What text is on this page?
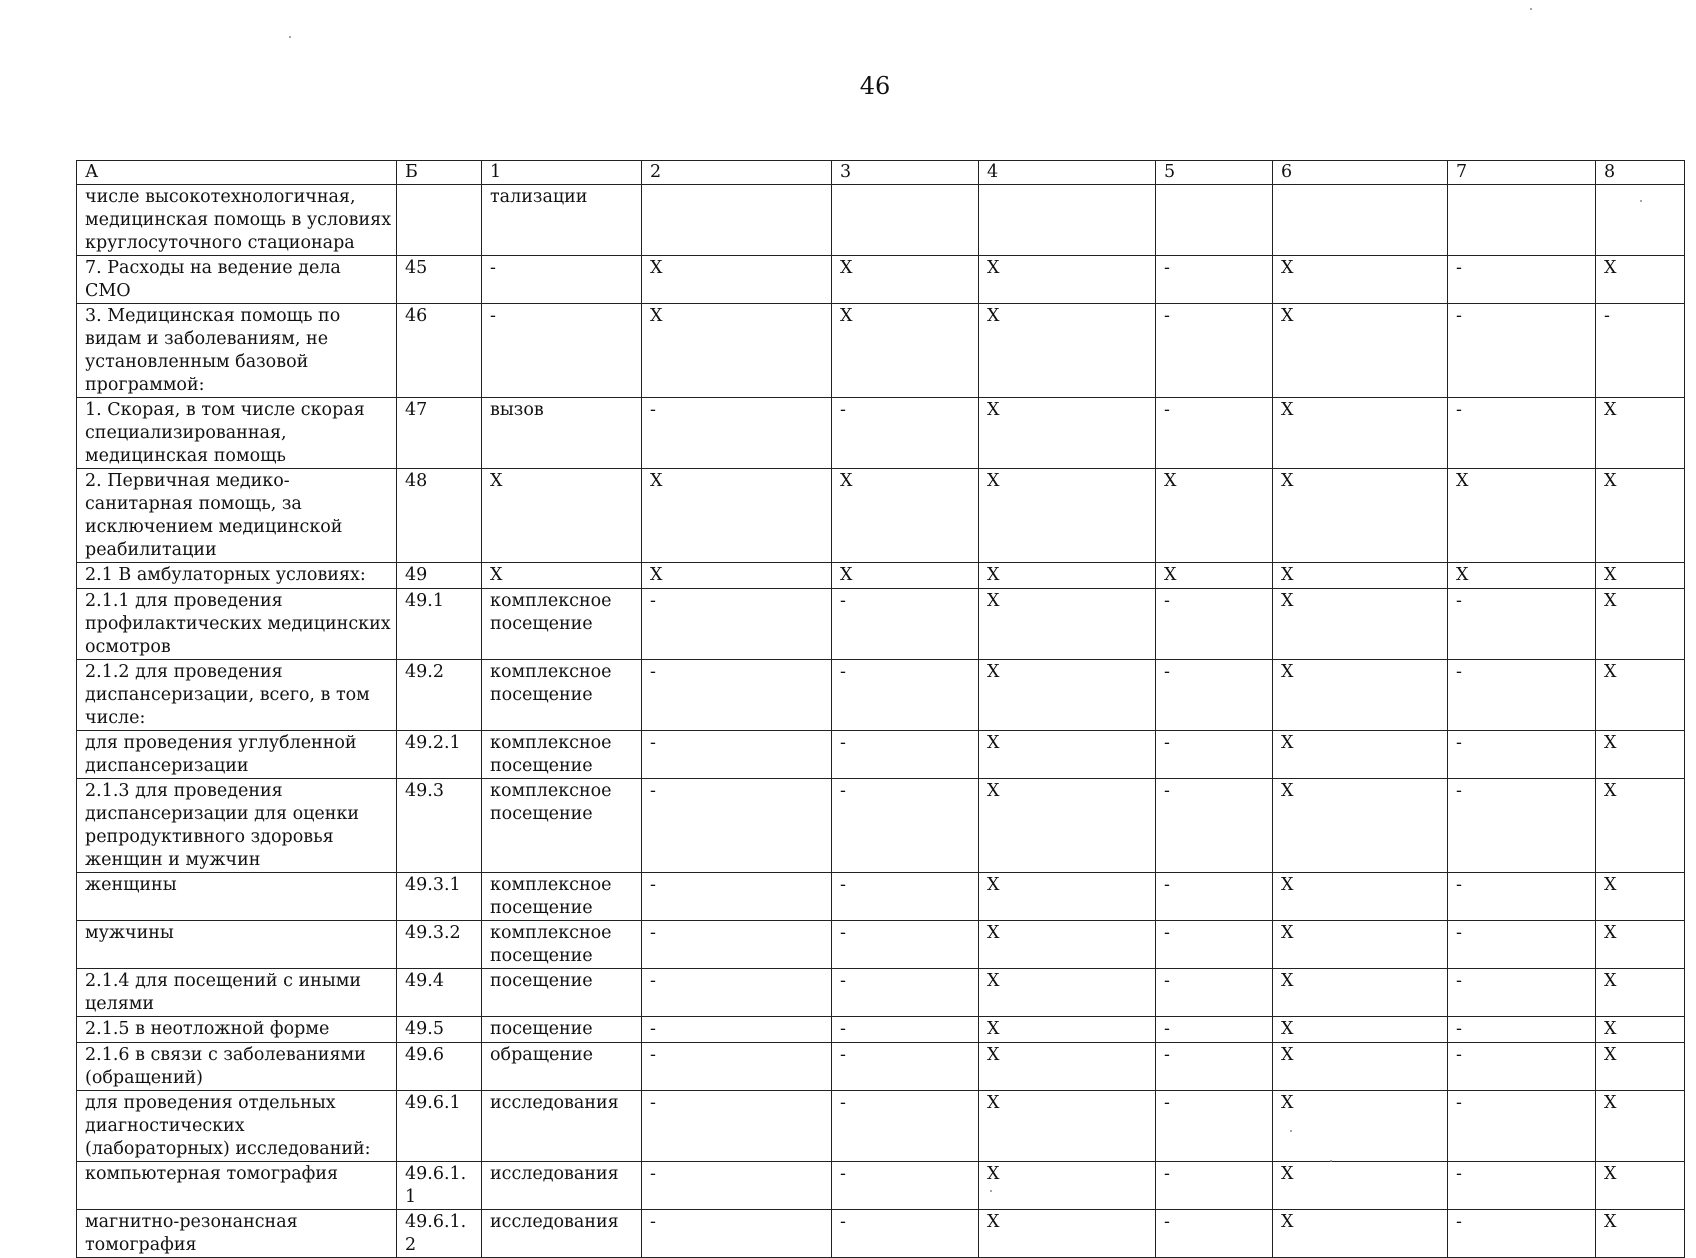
46
А	Б	1	2	3	4	5	6	7	8
числе высокотехнологичная, медицинская помощь в условиях круглосуточного стационара		тализации							
7. Расходы на ведение дела СМО	45	-	Х	Х	Х	-	Х	-	Х
3. Медицинская помощь по видам и заболеваниям, не установленным базовой программой:	46	-	Х	Х	Х	-	Х	-	-
1. Скорая, в том числе скорая специализированная, медицинская помощь	47	вызов	-	-	Х	-	Х	-	Х
2. Первичная медико-санитарная помощь, за исключением медицинской реабилитации	48	Х	Х	Х	Х	Х	Х	Х	Х
2.1 В амбулаторных условиях:	49	Х	Х	Х	Х	Х	Х	Х	Х
2.1.1 для проведения профилактических медицинских осмотров	49.1	комплексное посещение	-	-	Х	-	Х	-	Х
2.1.2 для проведения диспансеризации, всего, в том числе:	49.2	комплексное посещение	-	-	Х	-	Х	-	Х
для проведения углубленной диспансеризации	49.2.1	комплексное посещение	-	-	Х	-	Х	-	Х
2.1.3 для проведения диспансеризации для оценки репродуктивного здоровья женщин и мужчин	49.3	комплексное посещение	-	-	Х	-	Х	-	Х
женщины	49.3.1	комплексное посещение	-	-	Х	-	Х	-	Х
мужчины	49.3.2	комплексное посещение	-	-	Х	-	Х	-	Х
2.1.4 для посещений с иными целями	49.4	посещение	-	-	Х	-	Х	-	Х
2.1.5 в неотложной форме	49.5	посещение	-	-	Х	-	Х	-	Х
2.1.6 в связи с заболеваниями (обращений)	49.6	обращение	-	-	Х	-	Х	-	Х
для проведения отдельных диагностических (лабораторных) исследований:	49.6.1	исследования	-	-	Х	-	Х	-	Х
компьютерная томография	49.6.1.1	исследования	-	-	Х	-	Х	-	Х
магнитно-резонансная томография	49.6.1.2	исследования	-	-	Х	-	Х	-	Х
